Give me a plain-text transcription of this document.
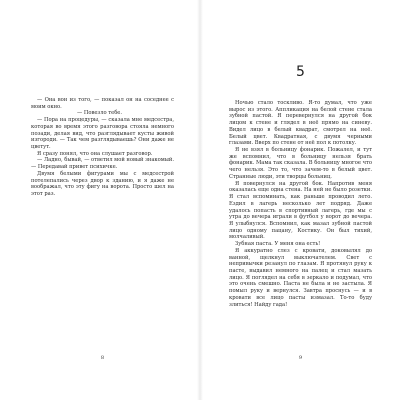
— Она вон из того, — показал он на соседнее с моим окно.

— Повезло тебе.

— Пора на процедуры, — сказала мне медсестра, которая во время этого разговора стояла немного позади, делая вид, что разглядывает кусты живой изгороди. — Так чем разглядываешь? Они даже не цветут.

Я сразу понял, что она слушает разговор.

— Ладно, бывай, — ответил мой новый знакомый. — Передавай привет психичке.

Двумя белыми фигурами мы с медсестрой потелепались через двор к зданию, и я даже не воображал, что эту фигу на ворота. Просто шел на этот раз.

8
5

Ночью стало тоскливо. Я-то думал, что уже вырос из этого. Аппликация на белой стене стала зубной пастой. Я перевернулся на другой бок лицом к стене и глядел в неё прямо на синеву. Видел лицо в белый квадрат, смотрел на неё. Белый цвет. Квадратная, с двумя черными глазами. Вверх по стене от неё пол к потолку.

Я не взял в больницу фонарик. Пожалел, и тут же вспомнил, что в больницу нельзя брать фонарик. Мама так сказала. В больницу многое что чего нельзя. Это то, что зачем-то в белый цвет. Странные люди, эти творцы больниц.

Я повернулся на другой бок. Напротив меня оказалась еще одна стена. На ней не было розетки. Я стал вспоминать, как раньше проводил лето. Ездил в лагерь несколько лет подряд. Даже удалось попасть в спортивный лагерь, где мы с утра до вечера играли в футбол у ворот до вечера. Я улыбнулся. Вспомнил, как мазал зубной пастой лицо одному пацану, Костику. Он был тихий, молчаливый.

Зубная паста. У меня она есть!

Я аккуратно слез с кровати, доковылял до ванной, щелкнул выключателем. Свет с непривычки резанул по глазам. Я протянул руку к пасте, выдавил немного на палец и стал мазать лицо. Я поглядел на себя в зеркало и подумал, что это очень смешно. Паста не была и не застыла. Я помыл руку и вернулся. Завтра проснусь — и в кровати все лицо пасты измазал. То-то буду злиться! Найду гада!

9
